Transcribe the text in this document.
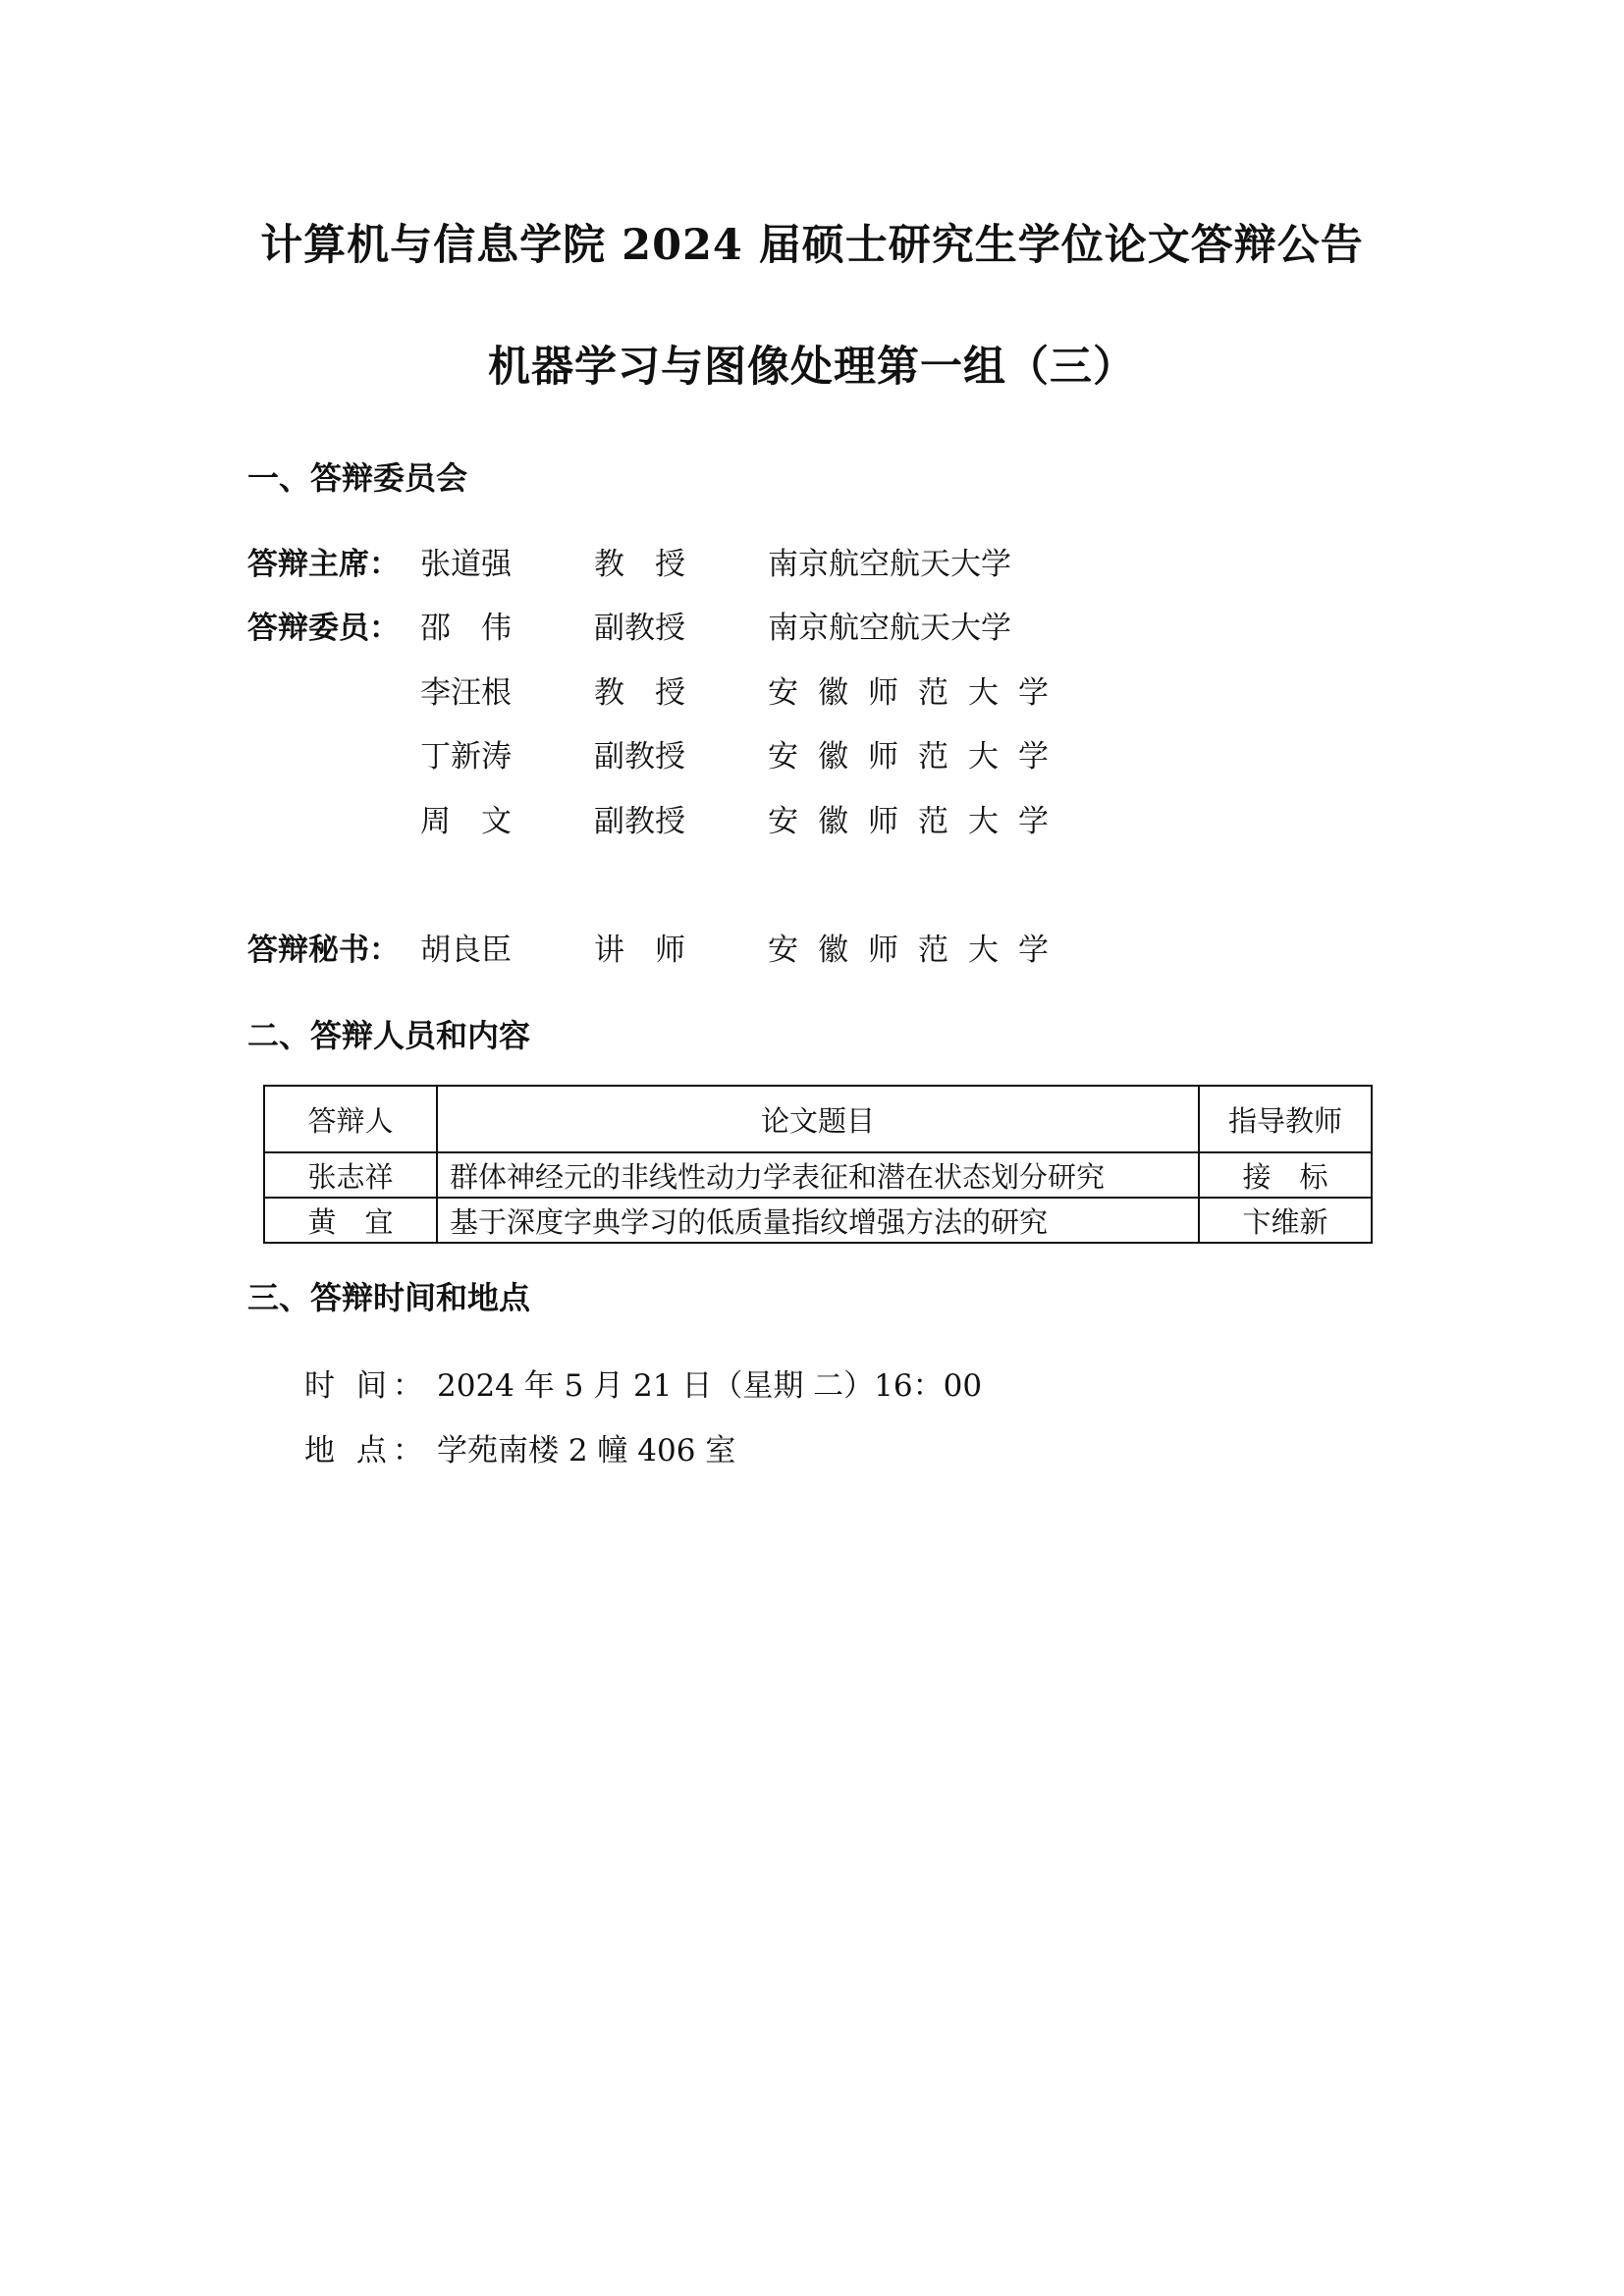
计算机与信息学院 2024 届硕士研究生学位论文答辩公告
机器学习与图像处理第一组（三）
一、答辩委员会
答辩主席： 张道强	教　授	南京航空航天大学
答辩委员： 邵　伟	副教授	南京航空航天大学
李汪根	教　授	安徽师范大学
丁新涛	副教授	安徽师范大学
周　文	副教授	安徽师范大学
答辩秘书： 胡良臣	讲　师	安徽师范大学
二、答辩人员和内容
答辩人	论文题目	指导教师
张志祥	群体神经元的非线性动力学表征和潜在状态划分研究	接　标
黄　宜	基于深度字典学习的低质量指纹增强方法的研究	卞维新
三、答辩时间和地点
时 间： 2024 年 5 月 21 日（星期 二）16：00
地 点： 学苑南楼 2 幢 406 室
